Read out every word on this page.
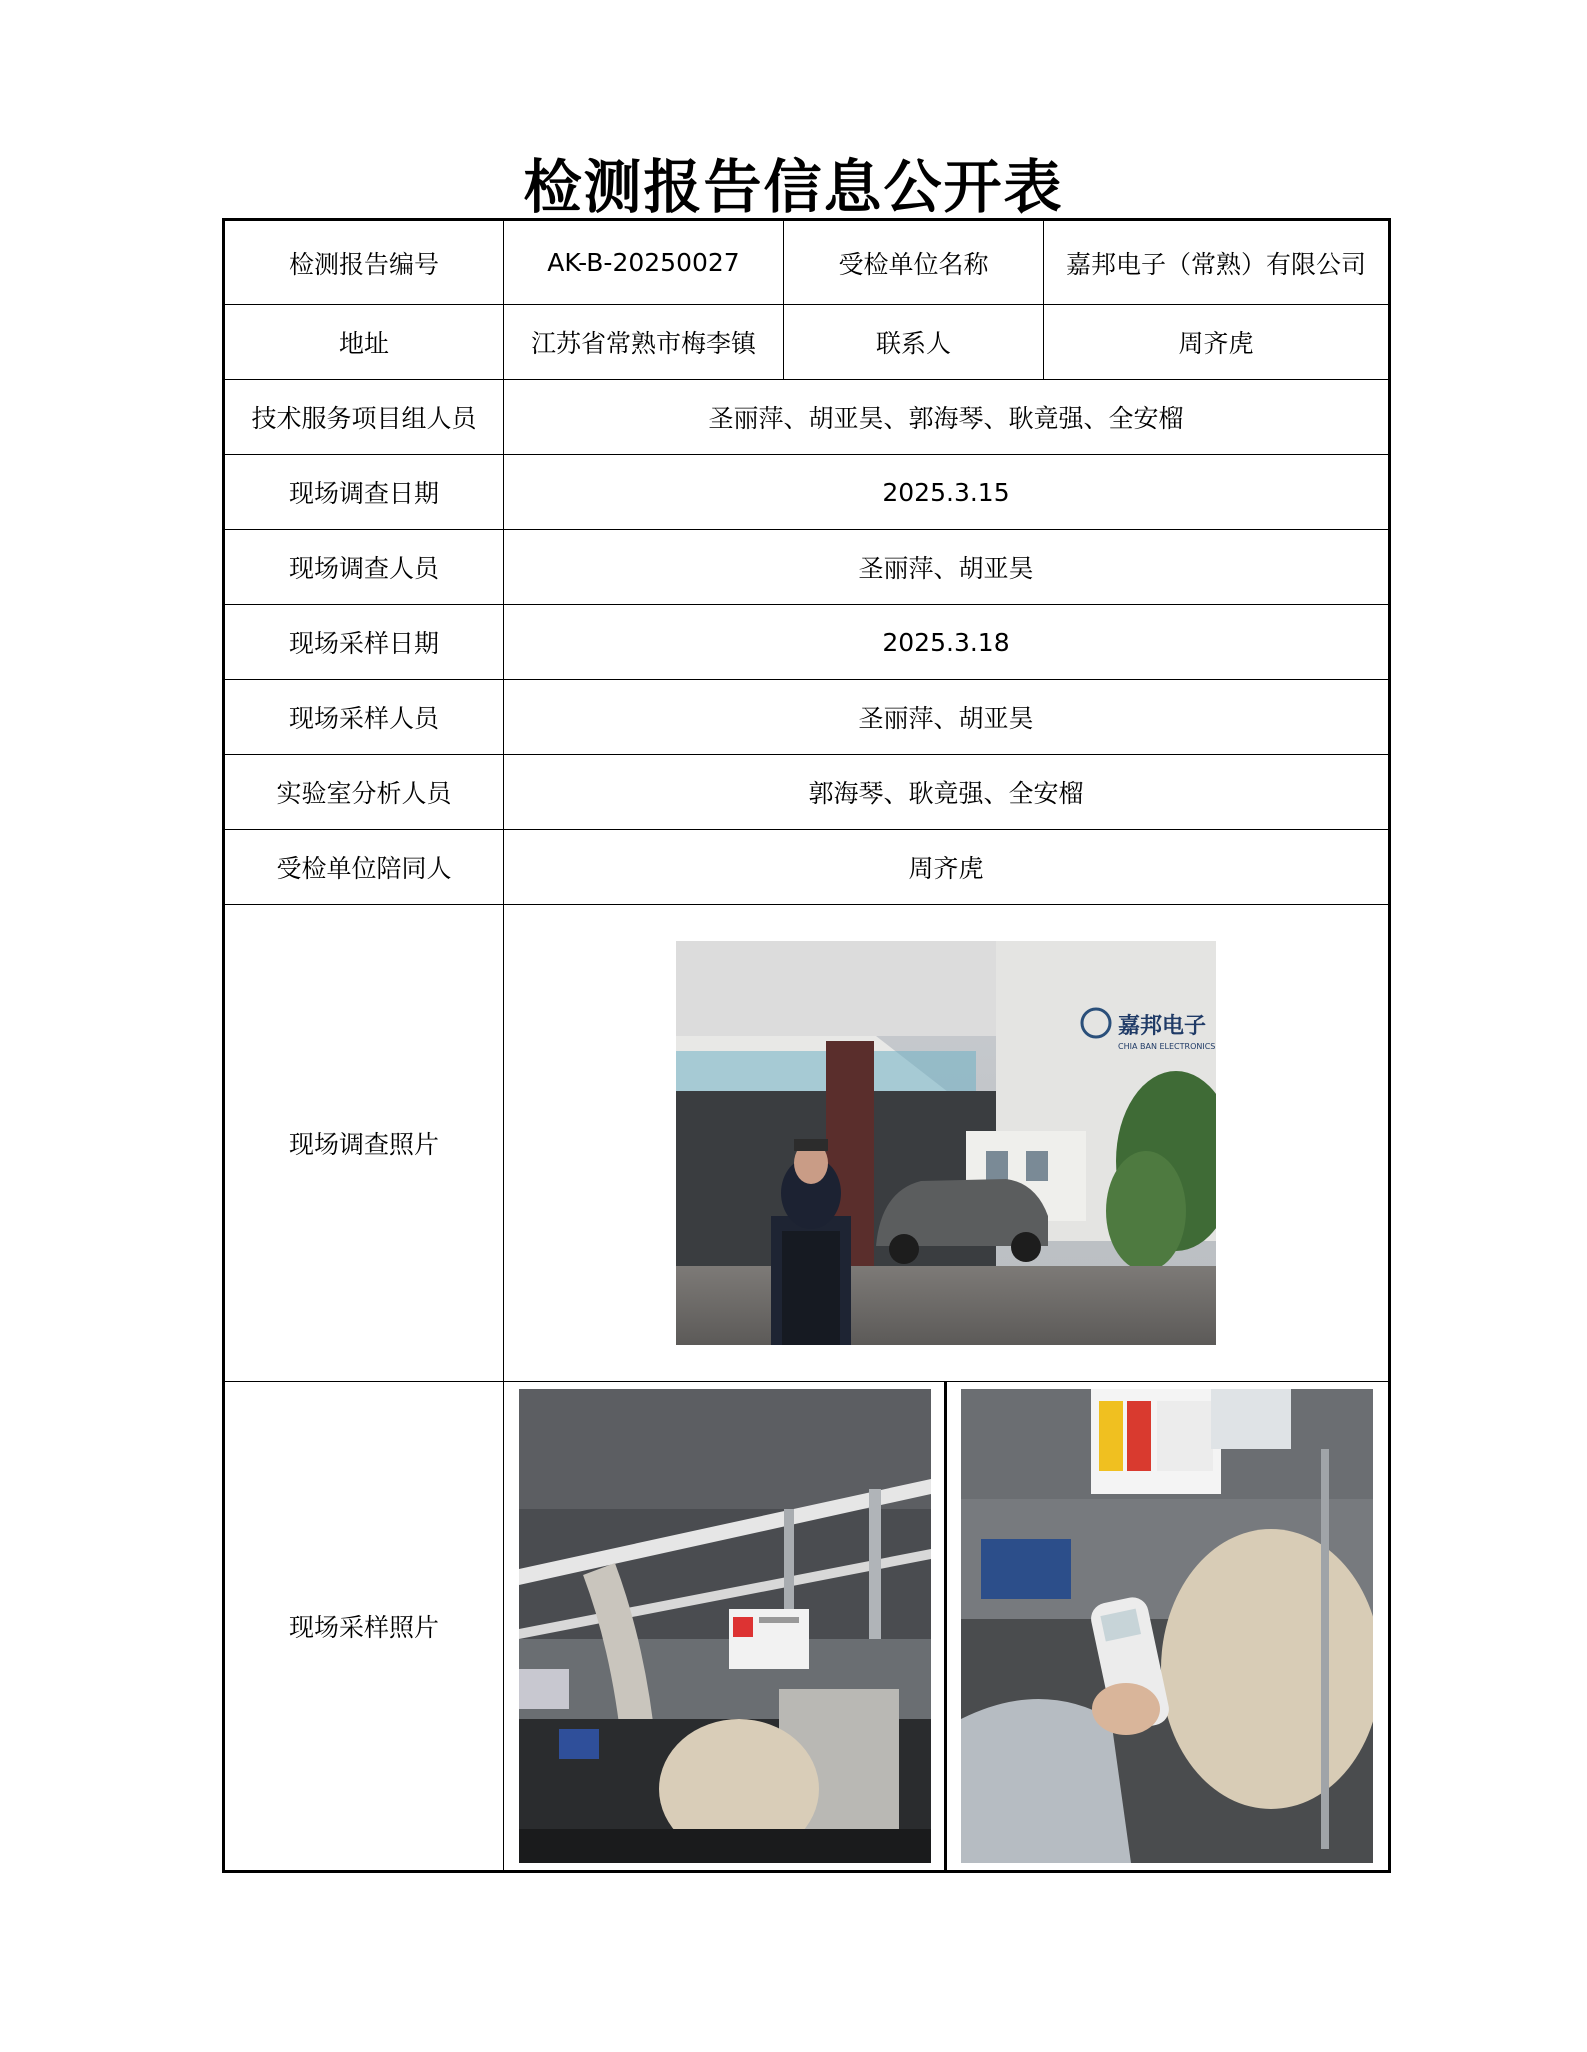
检测报告信息公开表
检测报告编号	AK-B-20250027	受检单位名称	嘉邦电子（常熟）有限公司
地址	江苏省常熟市梅李镇	联系人	周齐虎
技术服务项目组人员	圣丽萍、胡亚昊、郭海琴、耿竟强、全安榴		
现场调查日期	2025.3.15		
现场调查人员	圣丽萍、胡亚昊		
现场采样日期	2025.3.18		
现场采样人员	圣丽萍、胡亚昊		
实验室分析人员	郭海琴、耿竟强、全安榴		
受检单位陪同人	周齐虎		
现场调查照片	嘉邦电子
CHIA BAN ELECTRONICS		

现场采样照片	
